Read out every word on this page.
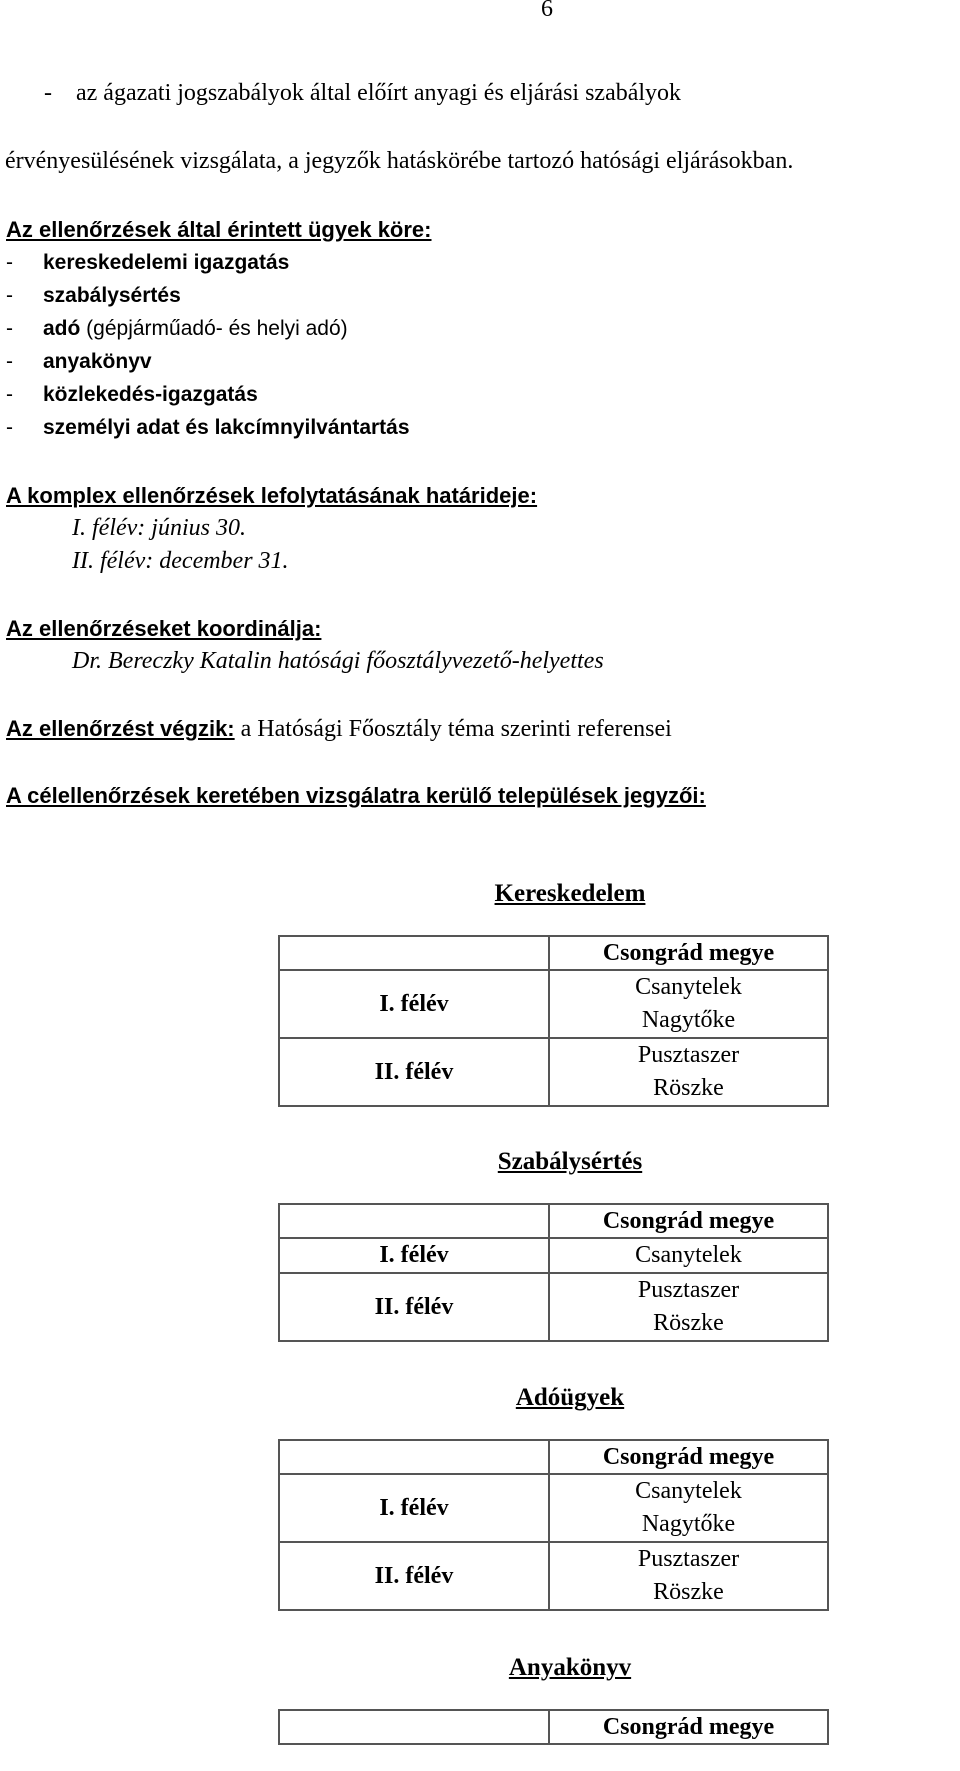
6
-    az ágazati jogszabályok által előírt anyagi és eljárási szabályok
érvényesülésének vizsgálata, a jegyzők hatáskörébe tartozó hatósági eljárásokban.
Az ellenőrzések által érintett ügyek köre:
- kereskedelemi igazgatás
- szabálysértés
- adó (gépjárműadó- és helyi adó)
- anyakönyv
- közlekedés-igazgatás
- személyi adat és lakcímnyilvántartás
A komplex ellenőrzések lefolytatásának határideje:
I. félév: június 30.
II. félév: december 31.
Az ellenőrzéseket koordinálja:
Dr. Bereczky Katalin hatósági főosztályvezető-helyettes
Az ellenőrzést végzik: a Hatósági Főosztály téma szerinti referensei
A célellenőrzések keretében vizsgálatra kerülő települések jegyzői:
Kereskedelem
	Csongrád megye
I. félév	Csanytelek
Nagytőke

II. félév	Pusztaszer
Röszke
Szabálysértés
	Csongrád megye
I. félév	Csanytelek

II. félév	Pusztaszer
Röszke
Adóügyek
	Csongrád megye
I. félév	Csanytelek
Nagytőke

II. félév	Pusztaszer
Röszke
Anyakönyv
	Csongrád megye
